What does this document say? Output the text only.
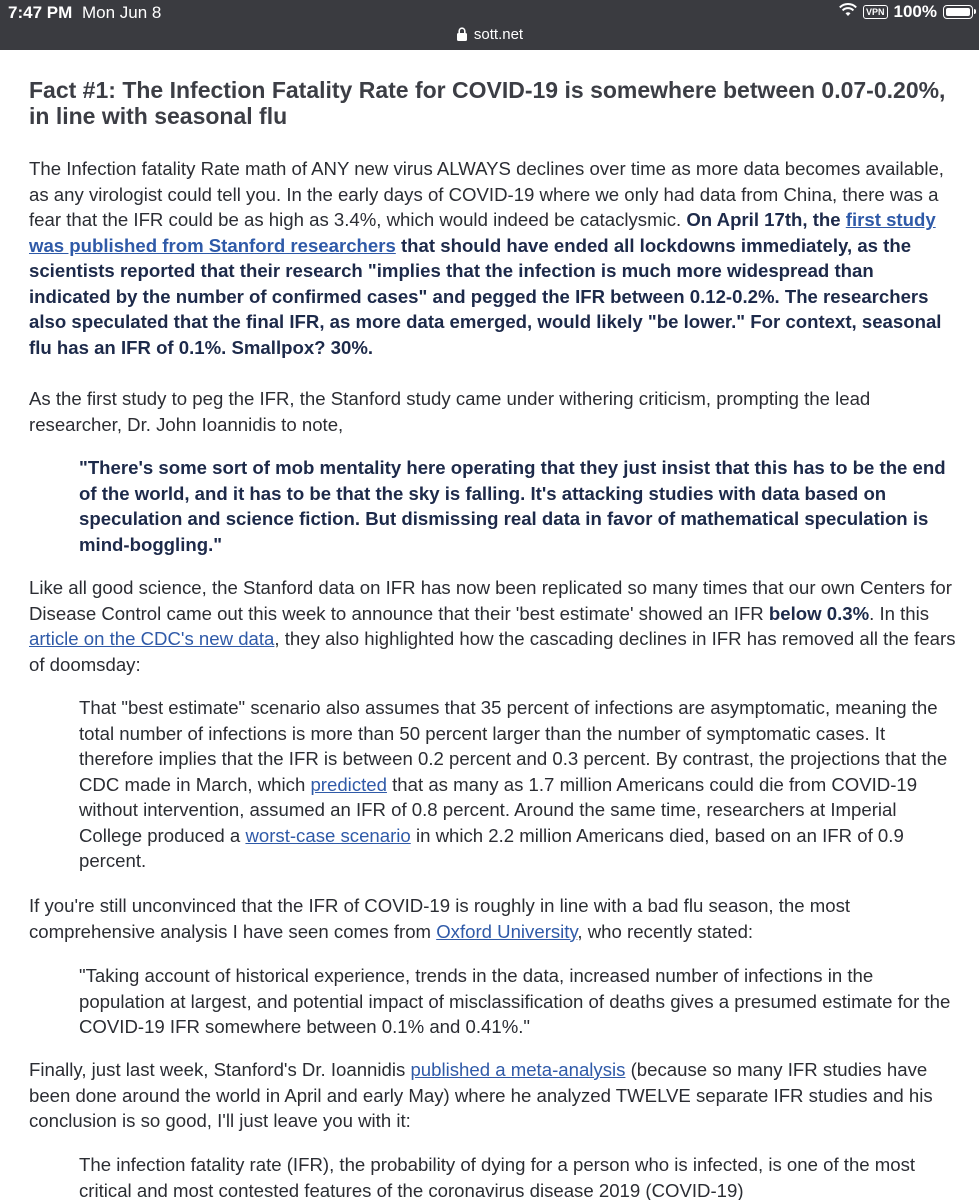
7:47 PM Mon Jun 8	VPN 100%
sott.net
Fact #1: The Infection Fatality Rate for COVID-19 is somewhere between 0.07-0.20%, in line with seasonal flu

The Infection fatality Rate math of ANY new virus ALWAYS declines over time as more data becomes available, as any virologist could tell you. In the early days of COVID-19 where we only had data from China, there was a fear that the IFR could be as high as 3.4%, which would indeed be cataclysmic. On April 17th, the first study was published from Stanford researchers that should have ended all lockdowns immediately, as the scientists reported that their research "implies that the infection is much more widespread than indicated by the number of confirmed cases" and pegged the IFR between 0.12-0.2%. The researchers also speculated that the final IFR, as more data emerged, would likely "be lower." For context, seasonal flu has an IFR of 0.1%. Smallpox? 30%.

As the first study to peg the IFR, the Stanford study came under withering criticism, prompting the lead researcher, Dr. John Ioannidis to note,

"There's some sort of mob mentality here operating that they just insist that this has to be the end of the world, and it has to be that the sky is falling. It's attacking studies with data based on speculation and science fiction. But dismissing real data in favor of mathematical speculation is mind-boggling."

Like all good science, the Stanford data on IFR has now been replicated so many times that our own Centers for Disease Control came out this week to announce that their 'best estimate' showed an IFR below 0.3%. In this article on the CDC's new data, they also highlighted how the cascading declines in IFR has removed all the fears of doomsday:

That "best estimate" scenario also assumes that 35 percent of infections are asymptomatic, meaning the total number of infections is more than 50 percent larger than the number of symptomatic cases. It therefore implies that the IFR is between 0.2 percent and 0.3 percent. By contrast, the projections that the CDC made in March, which predicted that as many as 1.7 million Americans could die from COVID-19 without intervention, assumed an IFR of 0.8 percent. Around the same time, researchers at Imperial College produced a worst-case scenario in which 2.2 million Americans died, based on an IFR of 0.9 percent.

If you're still unconvinced that the IFR of COVID-19 is roughly in line with a bad flu season, the most comprehensive analysis I have seen comes from Oxford University, who recently stated:

"Taking account of historical experience, trends in the data, increased number of infections in the population at largest, and potential impact of misclassification of deaths gives a presumed estimate for the COVID-19 IFR somewhere between 0.1% and 0.41%."

Finally, just last week, Stanford's Dr. Ioannidis published a meta-analysis (because so many IFR studies have been done around the world in April and early May) where he analyzed TWELVE separate IFR studies and his conclusion is so good, I'll just leave you with it:

The infection fatality rate (IFR), the probability of dying for a person who is infected, is one of the most critical and most contested features of the coronavirus disease 2019 (COVID-19)
